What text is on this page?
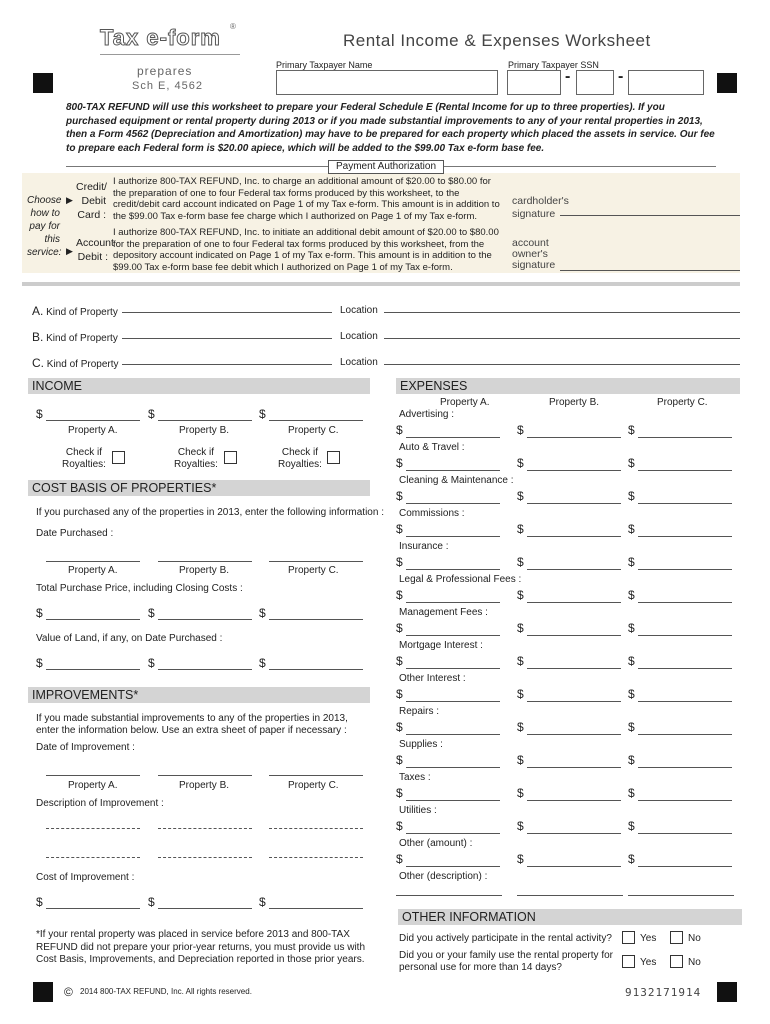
Tax e-form ®
prepares
Sch E, 4562
Rental Income & Expenses Worksheet
Primary Taxpayer Name	Primary Taxpayer SSN
-	-
800-TAX REFUND will use this worksheet to prepare your Federal Schedule E (Rental Income for up to three properties). If you purchased equipment or rental property during 2013 or if you made substantial improvements to any of your rental properties in 2013, then a Form 4562 (Depreciation and Amortization) may have to be prepared for each property which placed the assets in service. Our fee to prepare each Federal form is $20.00 apiece, which will be added to the $99.00 Tax e-form base fee.
Payment Authorization
Choose
how to
pay for
this
service:
▶
▶
Credit/
Debit
Card :
I authorize 800-TAX REFUND, Inc. to charge an additional amount of $20.00 to $80.00 for the preparation of one to four Federal tax forms produced by this worksheet, to the credit/debit card account indicated on Page 1 of my Tax e-form. This amount is in addition to the $99.00 Tax e-form base fee charge which I authorized on Page 1 of my Tax e-form.
cardholder's
signature
Account
Debit :
I authorize 800-TAX REFUND, Inc. to initiate an additional debit amount of $20.00 to $80.00 for the preparation of one to four Federal tax forms produced by this worksheet, from the depository account indicated on Page 1 of my Tax e-form. This amount is in addition to the $99.00 Tax e-form base fee debit which I authorized on Page 1 of my Tax e-form.
account
owner's
signature
A. Kind of Property	Location
B. Kind of Property	Location
C. Kind of Property	Location
INCOME
$	$	$
Property A.	Property B.	Property C.
Check if
Royalties:
Check if
Royalties:
Check if
Royalties:
COST BASIS OF PROPERTIES*
If you purchased any of the properties in 2013, enter the following information :
Date Purchased :
Property A.	Property B.	Property C.
Total Purchase Price, including Closing Costs :
$	$	$
Value of Land, if any, on Date Purchased :
$	$	$
IMPROVEMENTS*
If you made substantial improvements to any of the properties in 2013,
enter the information below. Use an extra sheet of paper if necessary :
Date of Improvement :
Property A.	Property B.	Property C.
Description of Improvement :
Cost of Improvement :
$	$	$
*If your rental property was placed in service before 2013 and 800-TAX REFUND did not prepare your prior-year returns, you must provide us with Cost Basis, Improvements, and Depreciation reported in those prior years.
© 2014 800-TAX REFUND, Inc. All rights reserved.	9132171914
EXPENSES
Property A.	Property B.	Property C.
Advertising :
$	$	$
Auto & Travel :
$	$	$
Cleaning & Maintenance :
$	$	$
Commissions :
$	$	$
Insurance :
$	$	$
Legal & Professional Fees :
$	$	$
Management Fees :
$	$	$
Mortgage Interest :
$	$	$
Other Interest :
$	$	$
Repairs :
$	$	$
Supplies :
$	$	$
Taxes :
$	$	$
Utilities :
$	$	$
Other (amount) :
$	$	$
Other (description) :
OTHER INFORMATION
Did you actively participate in the rental activity?	Yes	No
Did you or your family use the rental property for
personal use for more than 14 days?	Yes	No
